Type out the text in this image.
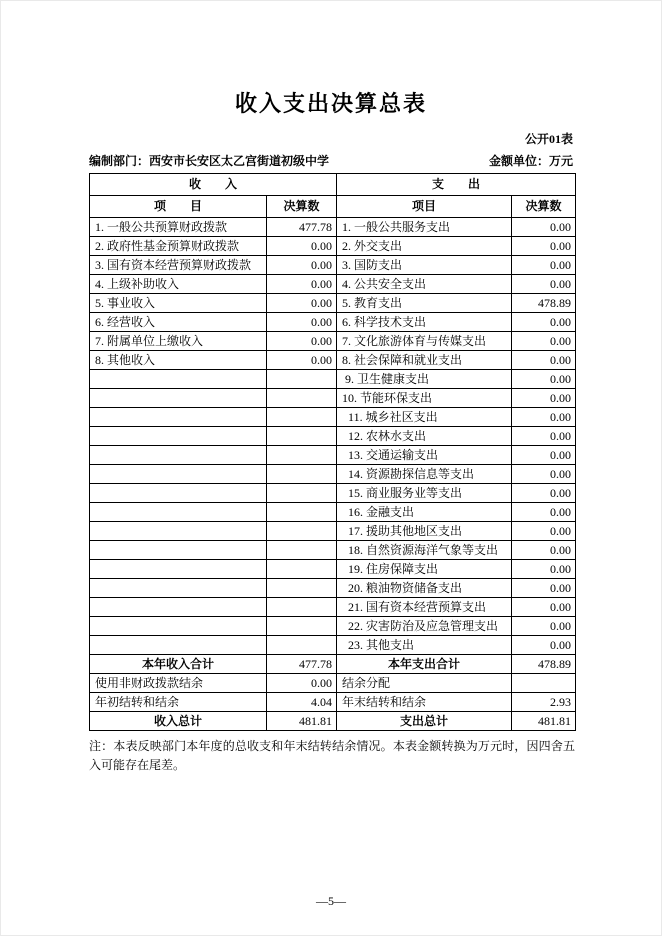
收入支出决算总表
公开01表
编制部门：西安市长安区太乙宫街道初级中学	金额单位：万元
收　　入		支　　出	
项　　目	决算数	项目	决算数
1. 一般公共预算财政拨款	477.78	1. 一般公共服务支出	0.00
2. 政府性基金预算财政拨款	0.00	2. 外交支出	0.00
3. 国有资本经营预算财政拨款	0.00	3. 国防支出	0.00
4. 上级补助收入	0.00	4. 公共安全支出	0.00
5. 事业收入	0.00	5. 教育支出	478.89
6. 经营收入	0.00	6. 科学技术支出	0.00
7. 附属单位上缴收入	0.00	7. 文化旅游体育与传媒支出	0.00
8. 其他收入	0.00	8. 社会保障和就业支出	0.00
		9. 卫生健康支出	0.00
		10. 节能环保支出	0.00
		11. 城乡社区支出	0.00
		12. 农林水支出	0.00
		13. 交通运输支出	0.00
		14. 资源勘探信息等支出	0.00
		15. 商业服务业等支出	0.00
		16. 金融支出	0.00
		17. 援助其他地区支出	0.00
		18. 自然资源海洋气象等支出	0.00
		19. 住房保障支出	0.00
		20. 粮油物资储备支出	0.00
		21. 国有资本经营预算支出	0.00
		22. 灾害防治及应急管理支出	0.00
		23. 其他支出	0.00
本年收入合计	477.78	本年支出合计	478.89
使用非财政拨款结余	0.00	结余分配	
年初结转和结余	4.04	年末结转和结余	2.93
收入总计	481.81	支出总计	481.81
注：本表反映部门本年度的总收支和年末结转结余情况。本表金额转换为万元时，因四舍五入可能存在尾差。
—5—
